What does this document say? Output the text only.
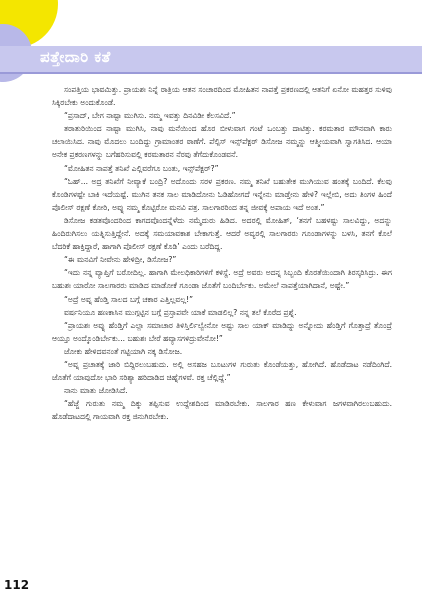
ಪತ್ತೇದಾರಿ ಕತೆ

ಸಂಪತ್ತಿಯ ಭಾವಮಿತ್ತು. ಪ್ರಾಯಶಃ ನಿನ್ನೆ ರಾತ್ರಿಯ ಆತನ ಸಂಚಾರದಿಂದ ಮೋಹಿತನ ನಾಪತ್ತೆ ಪ್ರಕರಣದಲ್ಲಿ ಆತನಿಗೆ ಏನೋ ಮಹತ್ತರ ಸುಳಿವು ಸಿಕ್ಕಿರಬೇಕು ಅಂದುಕೊಂಡೆ.

“ಪ್ರಸಾದ್, ಬೇಗ ನಾಷ್ಟಾ ಮುಗಿಸು. ನಮ್ಮ ಇವತ್ತು ದಿನವಿಡೀ ಕೆಲಸವಿದೆ.”

ತರಾತುರಿಯಿಂದ ನಾಷ್ಟಾ ಮುಗಿಸಿ, ನಾವು ಮನೆಯಿಂದ ಹೊರ ಬೀಳುವಾಗ ಗಂಟೆ ಒಂಬತ್ತು ದಾಟಿತ್ತು. ಕರಮತಾರ ಮೌನವಾಗಿ ಕಾರು ಚಲಾಯಿಸಿದ. ನಾವು ಮೊದಲು ಬಂದಿದ್ದು ಗ್ರಾಮಾಂತರ ಠಾಣೆಗೆ. ಪೆಲ್ಪಿಸ್ ಇನ್ಸ್‌ಪೆಕ್ಟರ್ ಡಿಸೋಜ ನಮ್ಮನ್ನು ಆತ್ಮೀಯವಾಗಿ ಸ್ವಾಗತಿಸಿದ. ಆಯಾ ಅನೇಕ ಪ್ರಕರಣಗಳನ್ನು ಬಗೆಹರಿಸುವಲ್ಲಿ ಕರಮತಾರನ ನೆರವು ತೆಗೆದುಕೊಂಡವನೆ.

“ಮೋಹಿತನ ನಾಪತ್ತೆ ತನಿಖೆ ಎಲ್ಲಿವರೆಗೂ ಬಂತು, ಇನ್ಸ್‌ಪೆಕ್ಟರ್?”

“ಓಹ್... ಅದ್ರ ತನಿಖೆಗೆ ನೀವ್ಯಾಕೆ ಬಂದ್ರಿ? ಅದೊಂದು ಸರಳ ಪ್ರಕರಣ. ನಮ್ಮ ತನಿಖೆ ಬಹುತೇಕ ಮುಗಿಯುವ ಹಂತಕ್ಕೆ ಬಂದಿದೆ. ಕೆಲವು ಕೊಂಡಿಗಳಷ್ಟೇ ಬಾಕಿ ಇದೆಯಷ್ಟೆ. ಮುಗಿನ ತನಕ ಸಾಲ ಮಾಡಿದೋನು ಓಡಿಹೋಗದೆ ಇನ್ನೇನು ಮಾಡ್ತೇನು ಹೇಳಿ? ಇಲ್ಲೇಬಿ, ಅದು ತಿಂಗಳ ಹಿಂದೆ ಪೊಲೀಸ್ ರಕ್ಷಣೆ ಕೋರಿ, ಅವ್ನು ನಮ್ಮ ಕೊಟ್ಟಿರೋ ಮನವಿ ಪತ್ರ. ಸಾಲಗಾರರಿಂದ ತನ್ನ ಜೀವಕ್ಕೆ ಅಪಾಯ ಇದೆ ಅಂತ.”

ಡಿಸೋಜ ಕಡತವೊಂದರಿಂದ ಕಾಗದವೊಂದನ್ನೆಳೆದು ನಮ್ಮೆದುರು ಹಿಡಿದ. ಅದರಲ್ಲಿ ಮೋಹಿತ್, ‘ತನಗೆ ಬಹಳಷ್ಟು ಸಾಲವಿದ್ದು, ಅದನ್ನು ಹಿಂದಿರುಗಿಸಲು ಯತ್ನಿಸುತ್ತಿದ್ದೇನೆ. ಅದಕ್ಕೆ ಸಮಯಾವಕಾಶ ಬೇಕಾಗುತ್ತೆ. ಆದರೆ ಅವ್ಯರಲ್ಲಿ ಸಾಲಗಾರರು ಗೂಂಡಾಗಳನ್ನು ಬಳಸಿ, ತನಗೆ ಕೊಲೆ ಬೆದರಿಕೆ ಹಾಕ್ತಿದ್ದಾರೆ, ಹಾಗಾಗಿ ಪೊಲೀಸ್ ರಕ್ಷಣೆ ಕೊಡಿ’ ಎಂದು ಬರೆದಿದ್ದ.

“ಈ ಮನವಿಗೆ ನೀವೇನು ಹೇಳಿದ್ರೀ, ಡಿಸೋಜ?”

“ಇದು ನನ್ನ ವ್ಯಾಪ್ತಿಗೆ ಬರೋದಿಲ್ಲ. ಹಾಗಾಗಿ ಮೇಲಧಿಕಾರಿಗಳಿಗೆ ಕಳಿಸ್ದೆ. ಅದ್ರೆ ಅವರು ಅದನ್ನ ಸಿಬ್ಬಂದಿ ಕೊರತೆಯಿಂದಾಗಿ ತಿರಸ್ಕರಿಸಿದ್ರು. ಈಗ ಬಹುಶಃ ಯಾರೋ ಸಾಲಗಾರರು ಮಾಡಿದ ಮಾಡೋಕೆ ಗೂಂಡಾ ಜೊತೆಗೆ ಬಂದಿರ್ಬೇಕು. ಅಮೇಲೆ ನಾಪತ್ತೆಯಾಗಿದಾನೆ, ಅಷ್ಟೇ.”

“ಅದ್ರೆ ಅವ್ನ ಹೆಂಡ್ತಿ ಸಾಲದ ಬಗ್ಗೆ ಚಕಾರ ಎತ್ತಿಲ್ಲವಲ್ಲ!”

ವರ್ಷನಿಯೂ ಹಣಕಾಸಿನ ಮುಗ್ಗಟ್ಟಿನ ಬಗ್ಗೆ ಪ್ರಸ್ತಾಪವೇ ಯಾಕೆ ಮಾಡಲಿಲ್ಲ? ನನ್ನ ತಲೆ ಕೊರೆದ ಪ್ರಶ್ನೆ.

“ಪ್ರಾಯಶಃ ಅವ್ನು ಹೆಂಡ್ತಿಗೆ ಎಲ್ಲಾ ಸಮಾಚಾರ ತಿಳಿಸ್ತಿರ್ಲಿಲ್ವೇನೋ ಅಷ್ಟು ಸಾಲ ಯಾಕ್ ಮಾಡಿದ್ನು ಅನ್ನೋದು ಹೆಂಡ್ತಿಗೆ ಗೊತ್ತಾದ್ರೆ ತೊಂದ್ರೆ ಆಯ್ತೂ ಅಂದ್ಕೊಂಡಿರ್ಬೇಕು... ಬಹುಶಃ ಬೇರೆ ಹವ್ಯಾಸಗಳಿದ್ರುವೇನೋ!”

ಜೋಕು ಹೇಳಿದವನಂತೆ ಗಟ್ಟಿಯಾಗಿ ನಕ್ಕ ಡಿಸೋಜ.

“ಅವ್ನ ಪ್ರಚಾತಕ್ಕೆ ಜಾರಿ ಬಿದ್ದಿರಲುಬಹುದು. ಅಲ್ಲಿ ಅಸಹಜ ಬೂಟುಗಳ ಗುರುತು ಕೊಂಡೆಯತ್ತು, ಹೋಗಿದೆ. ಹೊಡೆದಾಟ ನಡೆದಿಂಗಿದೆ. ಜೊತೆಗೆ ಯಾವುದೋ ಭಾರಿ ಸರಿಶ್ಯಾ ಹರಿದಾಡಿದ ಚಿಹ್ನೆಗಳವೆ. ರಕ್ತ ಚೆಲ್ಲಿದ್ದೆ.”

ನಾನು ಮಾತು ಜೋಡಿಸಿದೆ.

“ಹೆಜ್ಜೆ ಗುರುತು ನಮ್ಮ ದಿಕ್ಕು ತಪ್ಪಿಸುವ ಉದ್ದೇಶದಿಂದ ಮಾಡಿರಬೇಕು. ಸಾಲಗಾರ ಹಣ ಕೇಳುವಾಗ ಜಗಳವಾಗಿರಲುಬಹುದು. ಹೊಡೆದಾಟದಲ್ಲಿ ಗಾಯವಾಗಿ ರಕ್ತ ಜಿನುಗಿರಬೇಕು.

112
